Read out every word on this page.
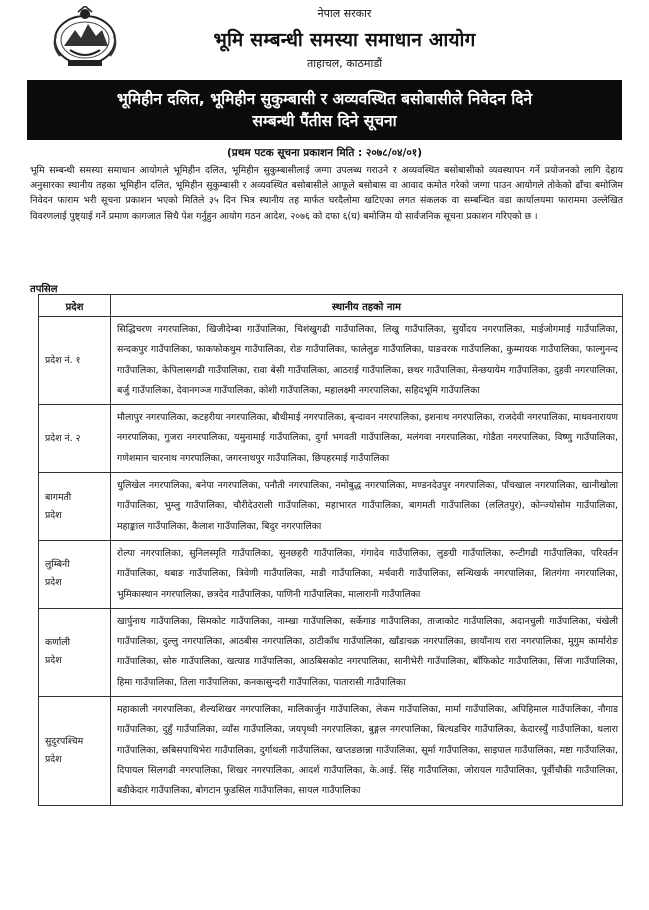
नेपाल सरकार
भूमि सम्बन्धी समस्या समाधान आयोग
ताहाचल, काठमाडौं
भूमिहीन दलित, भूमिहीन सुकुम्बासी र अव्यवस्थित बसोबासीले निवेदन दिने
सम्बन्धी पैंतीस दिने सूचना
(प्रथम पटक सूचना प्रकाशन मिति : २०७८/०४/०१)

भूमि सम्बन्धी समस्या समाधान आयोगले भूमिहीन दलित, भूमिहीन सुकुम्बासीलाई जग्गा उपलब्ध गराउने र अव्यवस्थित बसोबासीको व्यवस्थापन गर्ने प्रयोजनको लागि देहाय अनुसारका स्थानीय तहका भूमिहीन दलित, भूमिहीन सुकुम्बासी र अव्यवस्थित बसोबासीले आफूले बसोबास वा आवाद कमोत गरेको जग्गा पाउन आयोगले तोकेको ढाँचा बमोजिम निवेदन फाराम भरी सूचना प्रकाशन भएको मितिले ३५ दिन भित्र स्थानीय तह मार्फत घरदैलोमा खटिएका लगत संकलक वा सम्बन्धित वडा कार्यालयमा फाराममा उल्लेखित विवरणलाई पुष्ट्याई गर्ने प्रमाण कागजात सिधै पेश गर्नुहुन आयोग गठन आदेश, २०७६ को दफा ६(घ) बमोजिम यो सार्वजनिक सूचना प्रकाशन गरिएको छ ।

तपसिल
प्रदेश	स्थानीय तहको नाम

प्रदेश नं. १	सिद्धिचरण नगरपालिका, खिजीदेम्बा गाउँपालिका, चिशंखुगढी गाउँपालिका, लिखु गाउँपालिका, सुर्योदय नगरपालिका, माईजोगमाई गाउँपालिका, सन्दकपुर गाउँपालिका, फाकफोकथुम गाउँपालिका, रोङ गाउँपालिका, फालेलुङ गाउँपालिका, याङवरक गाउँपालिका, कुम्मायक गाउँपालिका, फाल्गुनन्द गाउँपालिका, केपिलासगढी गाउँपालिका, रावा बेसी गाउँपालिका, आठराई गाउँपालिका, छथर गाउँपालिका, मेन्छयायेम गाउँपालिका, दुहवी नगरपालिका, बर्जु गाउँपालिका, देवानगञ्ज गाउँपालिका, कोशी गाउँपालिका, महालक्ष्मी नगरपालिका, सहिदभूमि गाउँपालिका

प्रदेश नं. २	मौलापुर नगरपालिका, कटहरीया नगरपालिका, बौधीमाई नगरपालिका, बृन्दावन नगरपालिका, इशनाथ नगरपालिका, राजदेवी नगरपालिका, माधवनारायण नगरपालिका, गुजरा नगरपालिका, यमुनामाई गाउँपालिका, दुर्गा भगवती गाउँपालिका, मलंगवा नगरपालिका, गोडैता नगरपालिका, विष्णु गाउँपालिका, गणेशमान चारनाथ नगरपालिका, जगरनाथपुर गाउँपालिका, छिपहरमाई गाउँपालिका

बागमती
प्रदेश	धुलिखेल नगरपालिका, बनेपा नगरपालिका, पनौती नगरपालिका, नमोबुद्ध नगरपालिका, मण्डनदेउपुर नगरपालिका, पाँचखाल नगरपालिका, खानीखोला गाउँपालिका, भुम्लु गाउँपालिका, चौरीदेउराली गाउँपालिका, महाभारत गाउँपालिका, बागमती गाउँपालिका (ललितपुर), कोन्ज्योसोम गाउँपालिका, महाङ्काल गाउँपालिका, कैलाश गाउँपालिका, बिदुर नगरपालिका

लुम्बिनी
प्रदेश	रोल्पा नगरपालिका, सुनिलस्मृति गाउँपालिका, सुनछहरी गाउँपालिका, गंगादेव गाउँपालिका, लुङग्री गाउँपालिका, रुन्टीगढी गाउँपालिका, परिवर्तन गाउँपालिका, थबाङ गाउँपालिका, त्रिवेणी गाउँपालिका, माडी गाउँपालिका, मर्चवारी गाउँपालिका, सन्धिखर्क नगरपालिका, शितगंगा नगरपालिका, भुमिकास्थान नगरपालिका, छत्रदेव गाउँपालिका, पाणिनी गाउँपालिका, मालारानी गाउँपालिका

कर्णाली
प्रदेश	खार्पुनाथ गाउँपालिका, सिमकोट गाउँपालिका, नाम्खा गाउँपालिका, सर्केगाड गाउँपालिका, ताजाकोट गाउँपालिका, अदानचुली गाउँपालिका, चंखेली गाउँपालिका, दुल्लु नगरपालिका, आठबीस नगरपालिका, ठाटीकाँध गाउँपालिका, खाँडाचक्र नगरपालिका, छायाँनाथ रारा नगरपालिका, मुगुम कार्मारोङ गाउँपालिका, सोरु गाउँपालिका, खत्याड गाउँपालिका, आठबिसकोट नगरपालिका, सानीभेरी गाउँपालिका, बाँफिकोट गाउँपालिका, सिंजा गाउँपालिका, हिमा गाउँपालिका, तिला गाउँपालिका, कनकासुन्दरी गाउँपालिका, पातारासी गाउँपालिका

सुदुरपश्चिम
प्रदेश	महाकाली नगरपालिका, शैल्यशिखर नगरपालिका, मालिकार्जुन गाउँपालिका, लेकम गाउँपालिका, मार्मा गाउँपालिका, अपिहिमाल गाउँपालिका, नौगाड गाउँपालिका, दुहुँ गाउँपालिका, व्याँस गाउँपालिका, जयपृथ्वी नगरपालिका, बुङ्गल नगरपालिका, बित्थडचिर गाउँपालिका, केदारस्युँ गाउँपालिका, थलारा गाउँपालिका, छबिसपाथिभेरा गाउँपालिका, दुर्गाथली गाउँपालिका, खप्तडछान्ना गाउँपालिका, सूर्मा गाउँपालिका, साइपाल गाउँपालिका, मष्टा गाउँपालिका, दिपायल सिलगढी नगरपालिका, शिखर नगरपालिका, आदर्श गाउँपालिका, के.आई. सिंह गाउँपालिका, जोरायल गाउँपालिका, पूर्वीचौकी गाउँपालिका, बडीकेदार गाउँपालिका, बोगटान फुडसिल गाउँपालिका, सायल गाउँपालिका
